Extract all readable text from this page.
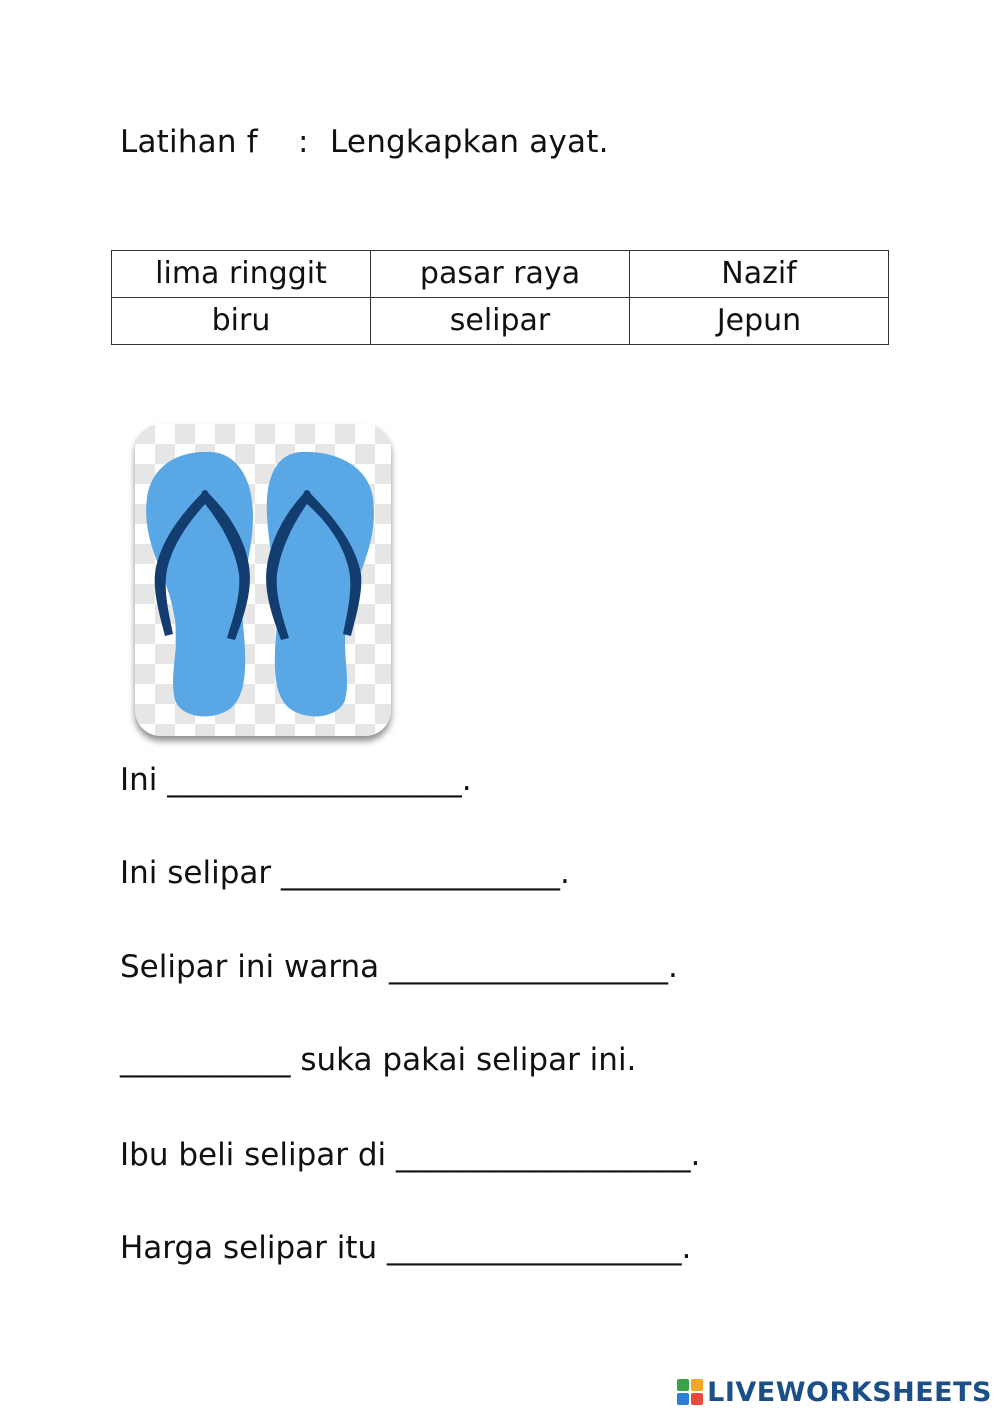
Latihan f : Lengkapkan ayat.
lima ringgit	pasar raya	Nazif
biru	selipar	Jepun
Ini ___________________.
Ini selipar __________________.
Selipar ini warna __________________.
___________ suka pakai selipar ini.
Ibu beli selipar di ___________________.
Harga selipar itu ___________________.
LIVEWORKSHEETS
